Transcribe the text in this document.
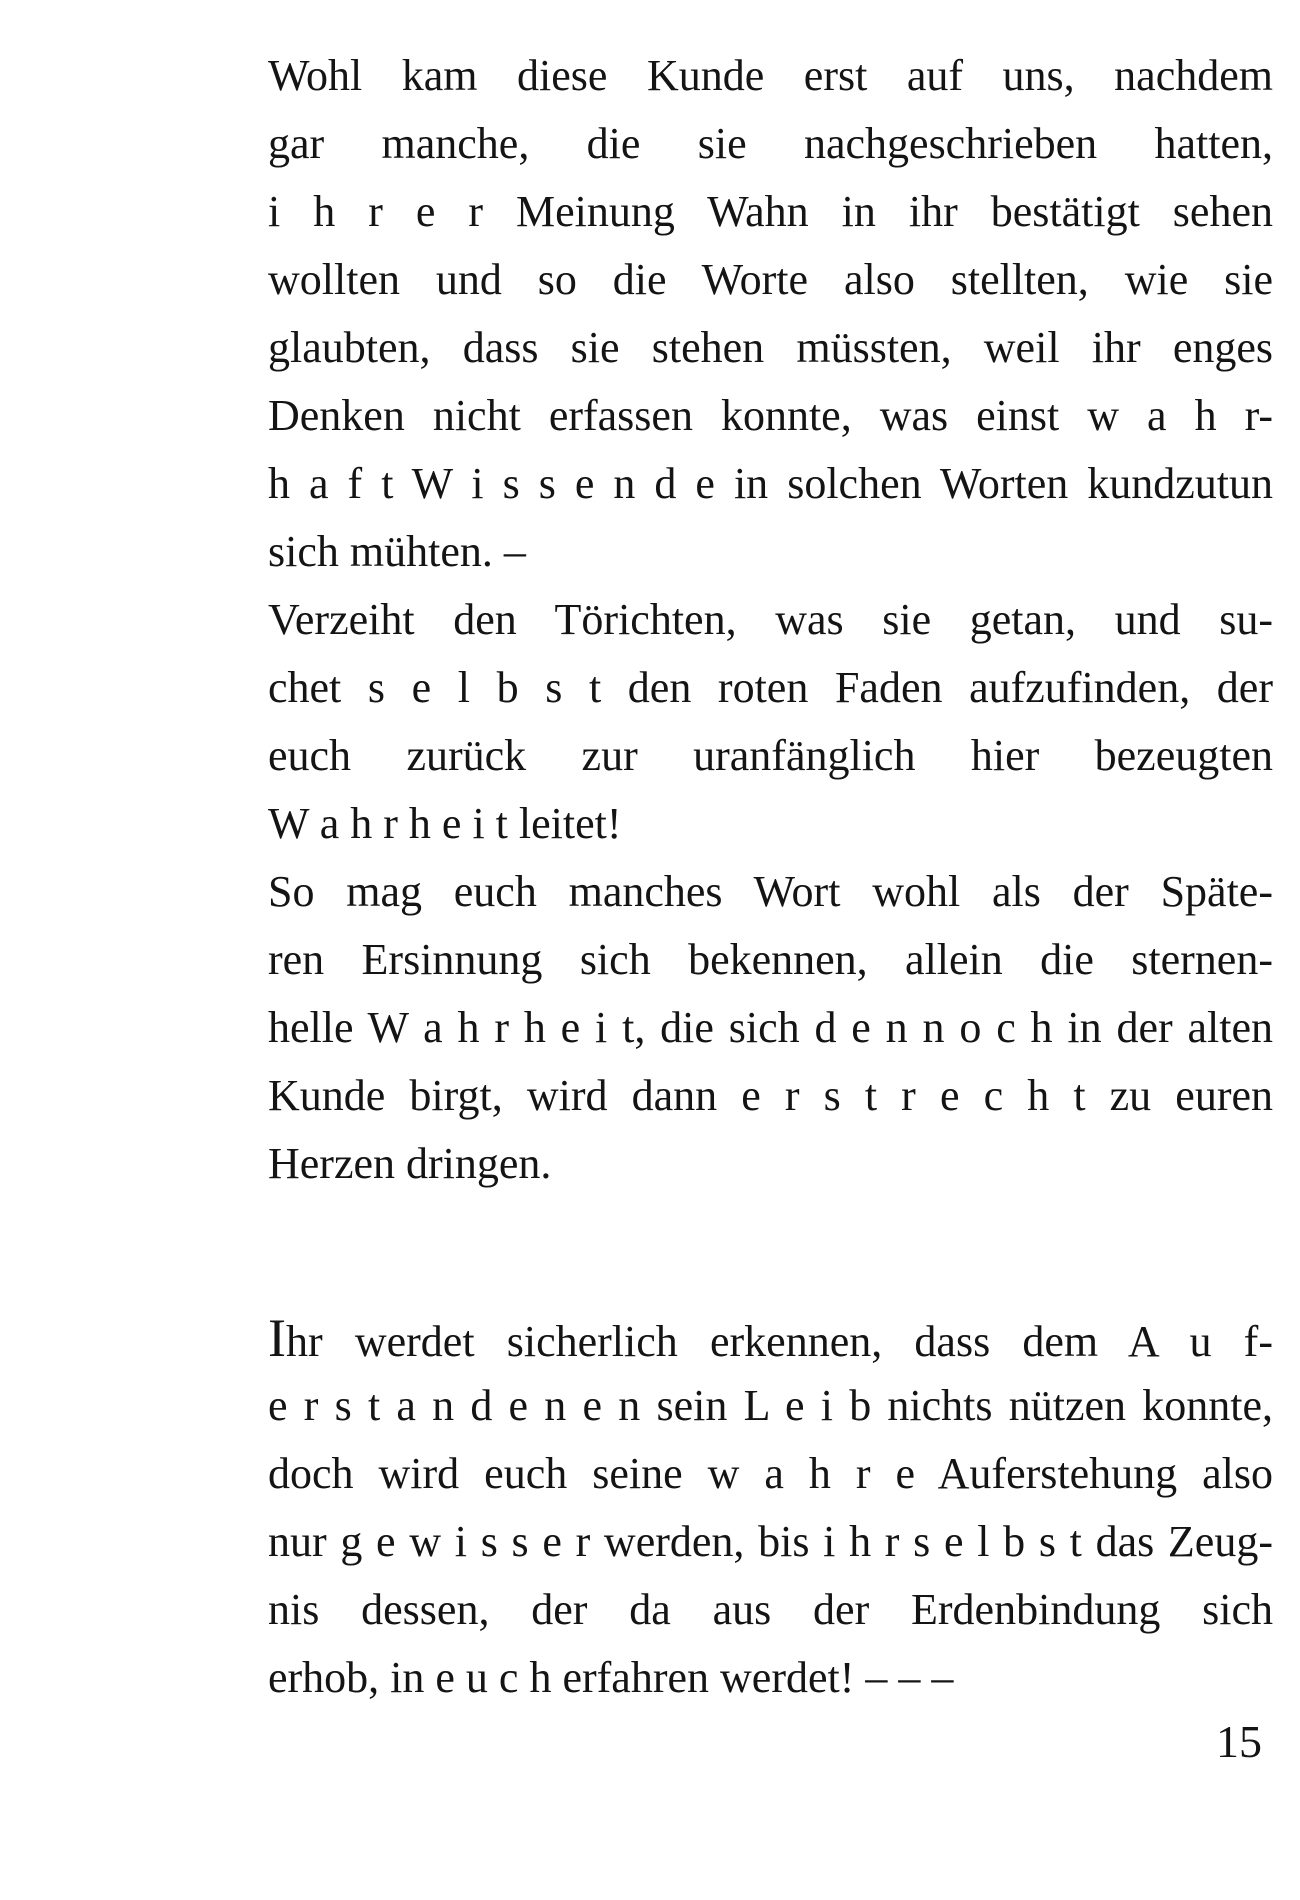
Wohl kam diese Kunde erst auf uns, nachdem
gar manche, die sie nachgeschrieben hatten,
i h r e r Meinung Wahn in ihr bestätigt sehen
wollten und so die Worte also stellten, wie sie
glaubten, dass sie stehen müssten, weil ihr enges
Denken nicht erfassen konnte, was einst w a h r-
h a f t W i s s e n d e in solchen Worten kundzutun
sich mühten. –
Verzeiht den Törichten, was sie getan, und su-
chet s e l b s t den roten Faden aufzufinden, der
euch zurück zur uranfänglich hier bezeugten
W a h r h e i t leitet!
So mag euch manches Wort wohl als der Späte-
ren Ersinnung sich bekennen, allein die sternen-
helle W a h r h e i t, die sich d e n n o c h in der alten
Kunde birgt, wird dann e r s t r e c h t zu euren
Herzen dringen.
Ihr werdet sicherlich erkennen, dass dem A u f-
e r s t a n d e n e n sein L e i b nichts nützen konnte,
doch wird euch seine w a h r e Auferstehung also
nur g e w i s s e r werden, bis i h r s e l b s t das Zeug-
nis dessen, der da aus der Erdenbindung sich
erhob, in e u c h erfahren werdet! – – –
15
